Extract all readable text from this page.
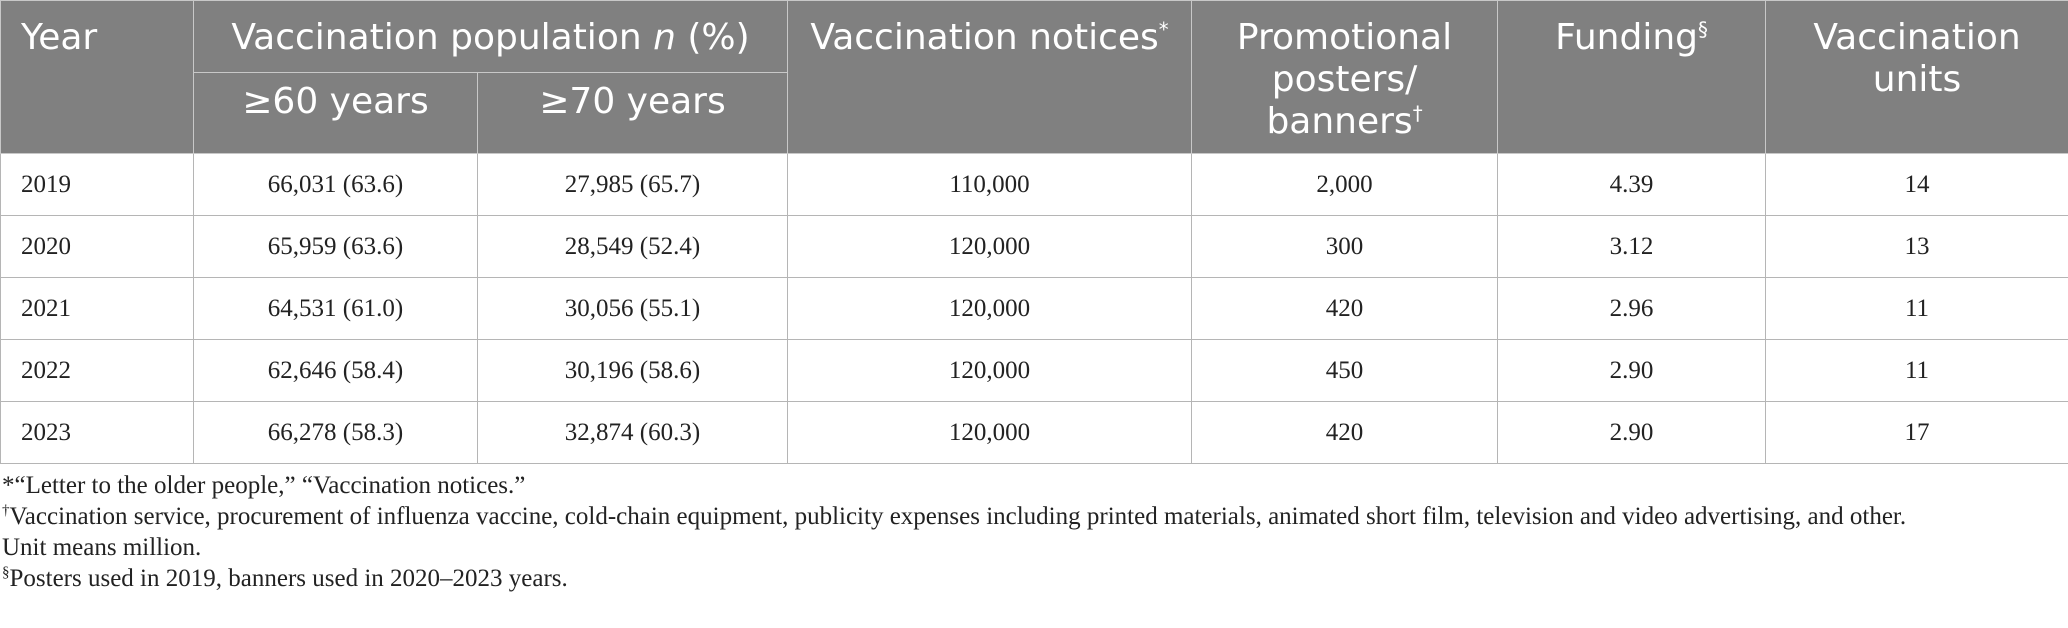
Year	Vaccination population n (%)		Vaccination notices*	Promotional
posters/
banners†	Funding§	Vaccination
units
	≥60 years	≥70 years				
2019	66,031 (63.6)	27,985 (65.7)	110,000	2,000	4.39	14
2020	65,959 (63.6)	28,549 (52.4)	120,000	300	3.12	13
2021	64,531 (61.0)	30,056 (55.1)	120,000	420	2.96	11
2022	62,646 (58.4)	30,196 (58.6)	120,000	450	2.90	11
2023	66,278 (58.3)	32,874 (60.3)	120,000	420	2.90	17

*“Letter to the older people,” “Vaccination notices.”

†Vaccination service, procurement of influenza vaccine, cold-chain equipment, publicity expenses including printed materials, animated short film, television and video advertising, and other.

Unit means million.

§Posters used in 2019, banners used in 2020–2023 years.
